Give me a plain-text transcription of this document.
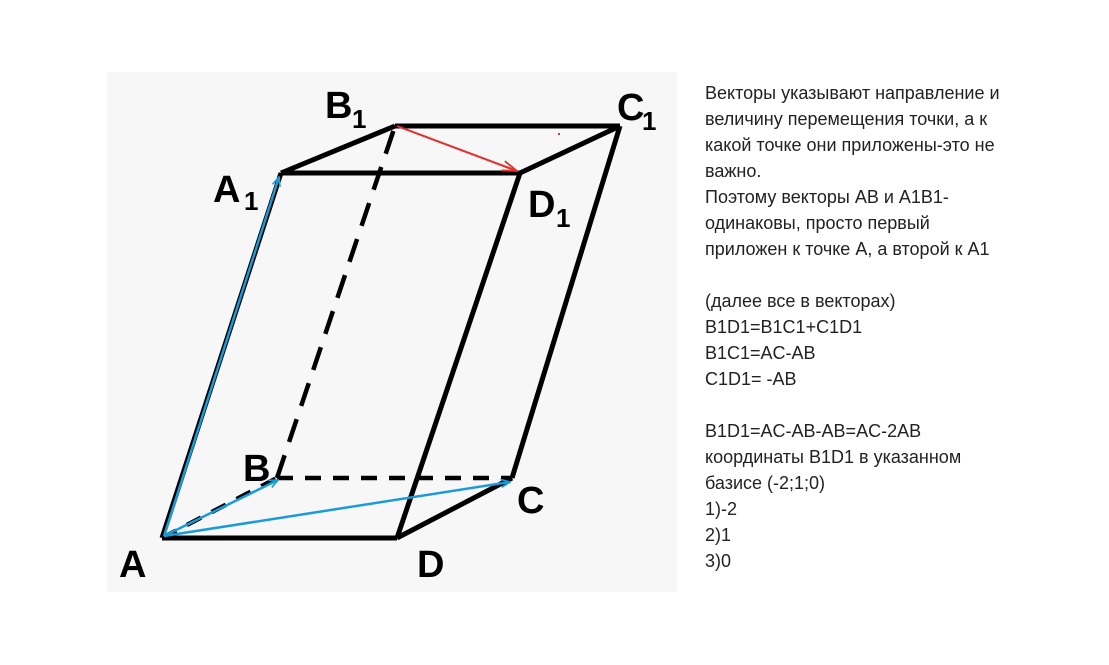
A
B
C
D
A 1
B 1	C
1
D 1
Векторы указывают направление и
величину перемещения точки, а к
какой точке они приложены-это не
важно.
Поэтому векторы AB и A1B1-
одинаковы, просто первый
приложен к точке A, а второй к A1
(далее все в векторах)
B1D1=B1C1+C1D1
B1C1=AC-AB
C1D1= -AB
B1D1=AC-AB-AB=AC-2AB
координаты B1D1 в указанном
базисе (-2;1;0)
1)-2
2)1
3)0
